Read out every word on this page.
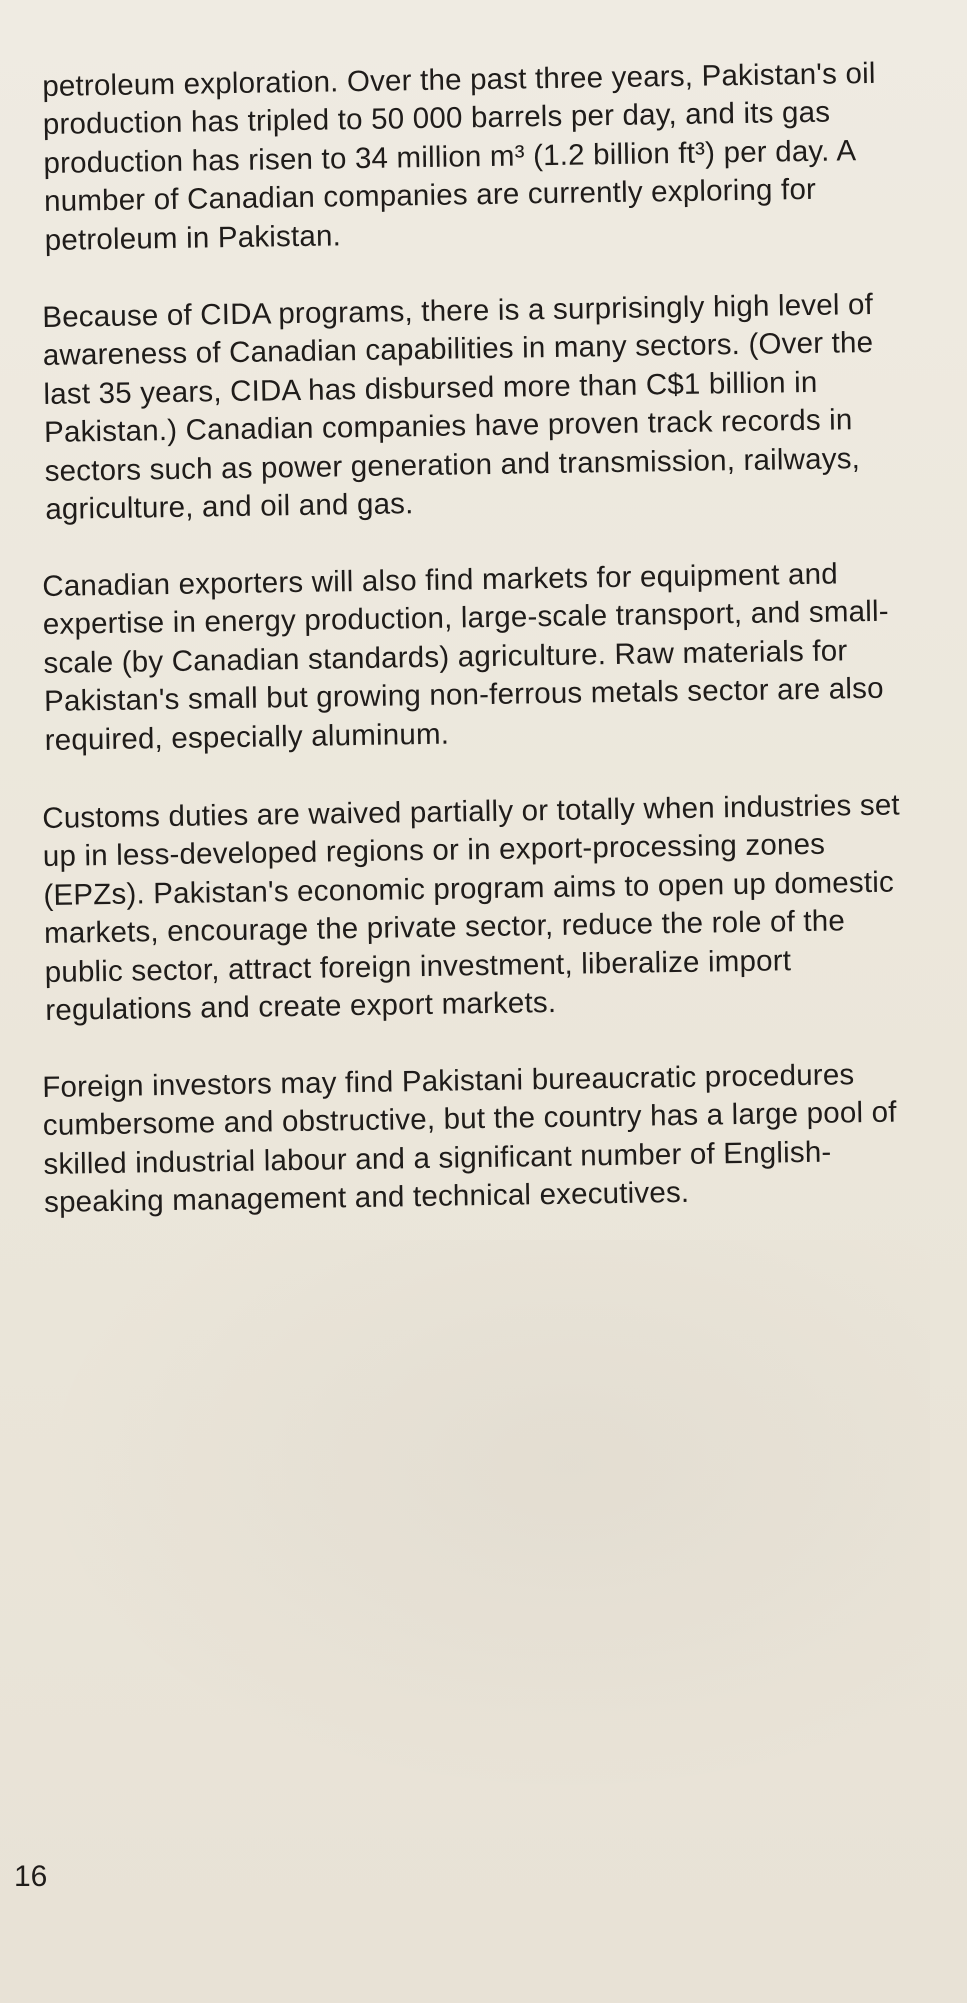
petroleum exploration. Over the past three years, Pakistan's oil production has tripled to 50 000 barrels per day, and its gas production has risen to 34 million m³ (1.2 billion ft³) per day. A number of Canadian companies are currently exploring for petroleum in Pakistan.

Because of CIDA programs, there is a surprisingly high level of awareness of Canadian capabilities in many sectors. (Over the last 35 years, CIDA has disbursed more than C$1 billion in Pakistan.) Canadian companies have proven track records in sectors such as power generation and transmission, railways, agriculture, and oil and gas.

Canadian exporters will also find markets for equipment and expertise in energy production, large-scale transport, and small-scale (by Canadian standards) agriculture. Raw materials for Pakistan's small but growing non-ferrous metals sector are also required, especially aluminum.

Customs duties are waived partially or totally when industries set up in less-developed regions or in export-processing zones (EPZs). Pakistan's economic program aims to open up domestic markets, encourage the private sector, reduce the role of the public sector, attract foreign investment, liberalize import regulations and create export markets.

Foreign investors may find Pakistani bureaucratic procedures cumbersome and obstructive, but the country has a large pool of skilled industrial labour and a significant number of English-speaking management and technical executives.

16
